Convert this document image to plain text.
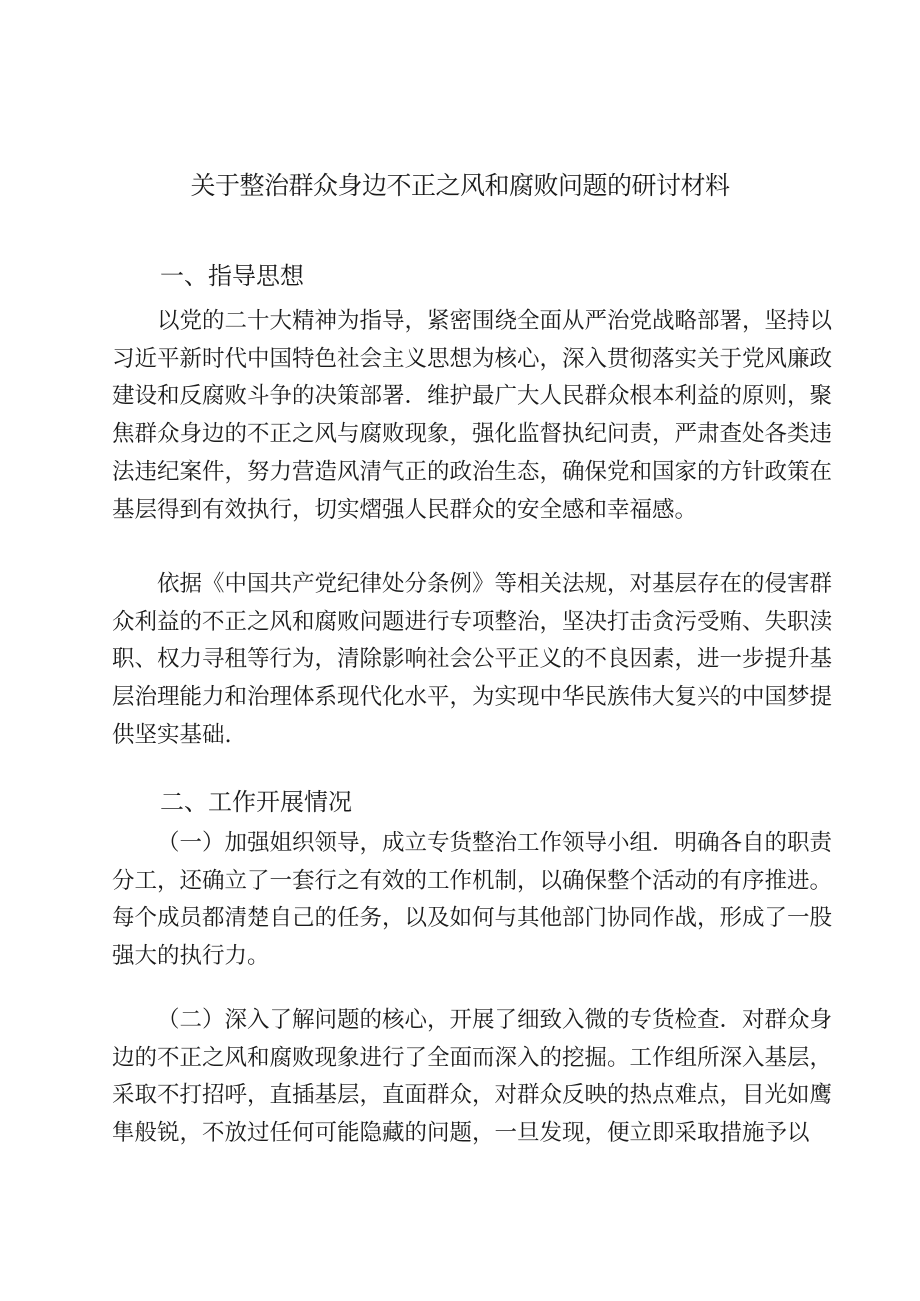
关于整治群众身边不正之风和腐败问题的研讨材料
一、指导思想

以党的二十大精神为指导，紧密围绕全面从严治党战略部署，坚持以习近平新时代中国特色社会主义思想为核心，深入贯彻落实关于党风廉政建设和反腐败斗争的决策部署．维护最广大人民群众根本利益的原则，聚焦群众身边的不正之风与腐败现象，强化监督执纪问责，严肃查处各类违法违纪案件，努力营造风清气正的政治生态，确保党和国家的方针政策在基层得到有效执行，切实熠强人民群众的安全感和幸福感。

依据《中国共产党纪律处分条例》等相关法规，对基层存在的侵害群众利益的不正之风和腐败问题进行专项整治，坚决打击贪污受贿、失职渎职、权力寻租等行为，清除影响社会公平正义的不良因素，进一步提升基层治理能力和治理体系现代化水平，为实现中华民族伟大复兴的中国梦提供坚实基础.

二、工作开展情况

（一）加强姐织领导，成立专货整治工作领导小组．明确各自的职责分工，还确立了一套行之有效的工作机制，以确保整个活动的有序推进。每个成员都清楚自己的任务，以及如何与其他部门协同作战，形成了一股强大的执行力。

（二）深入了解问题的核心，开展了细致入微的专货检查．对群众身边的不正之风和腐败现象进行了全面而深入的挖掘。工作组所深入基层，采取不打招呼，直插基层，直面群众，对群众反映的热点难点，目光如鹰隼般锐，不放过任何可能隐藏的问题，一旦发现，便立即采取措施予以
